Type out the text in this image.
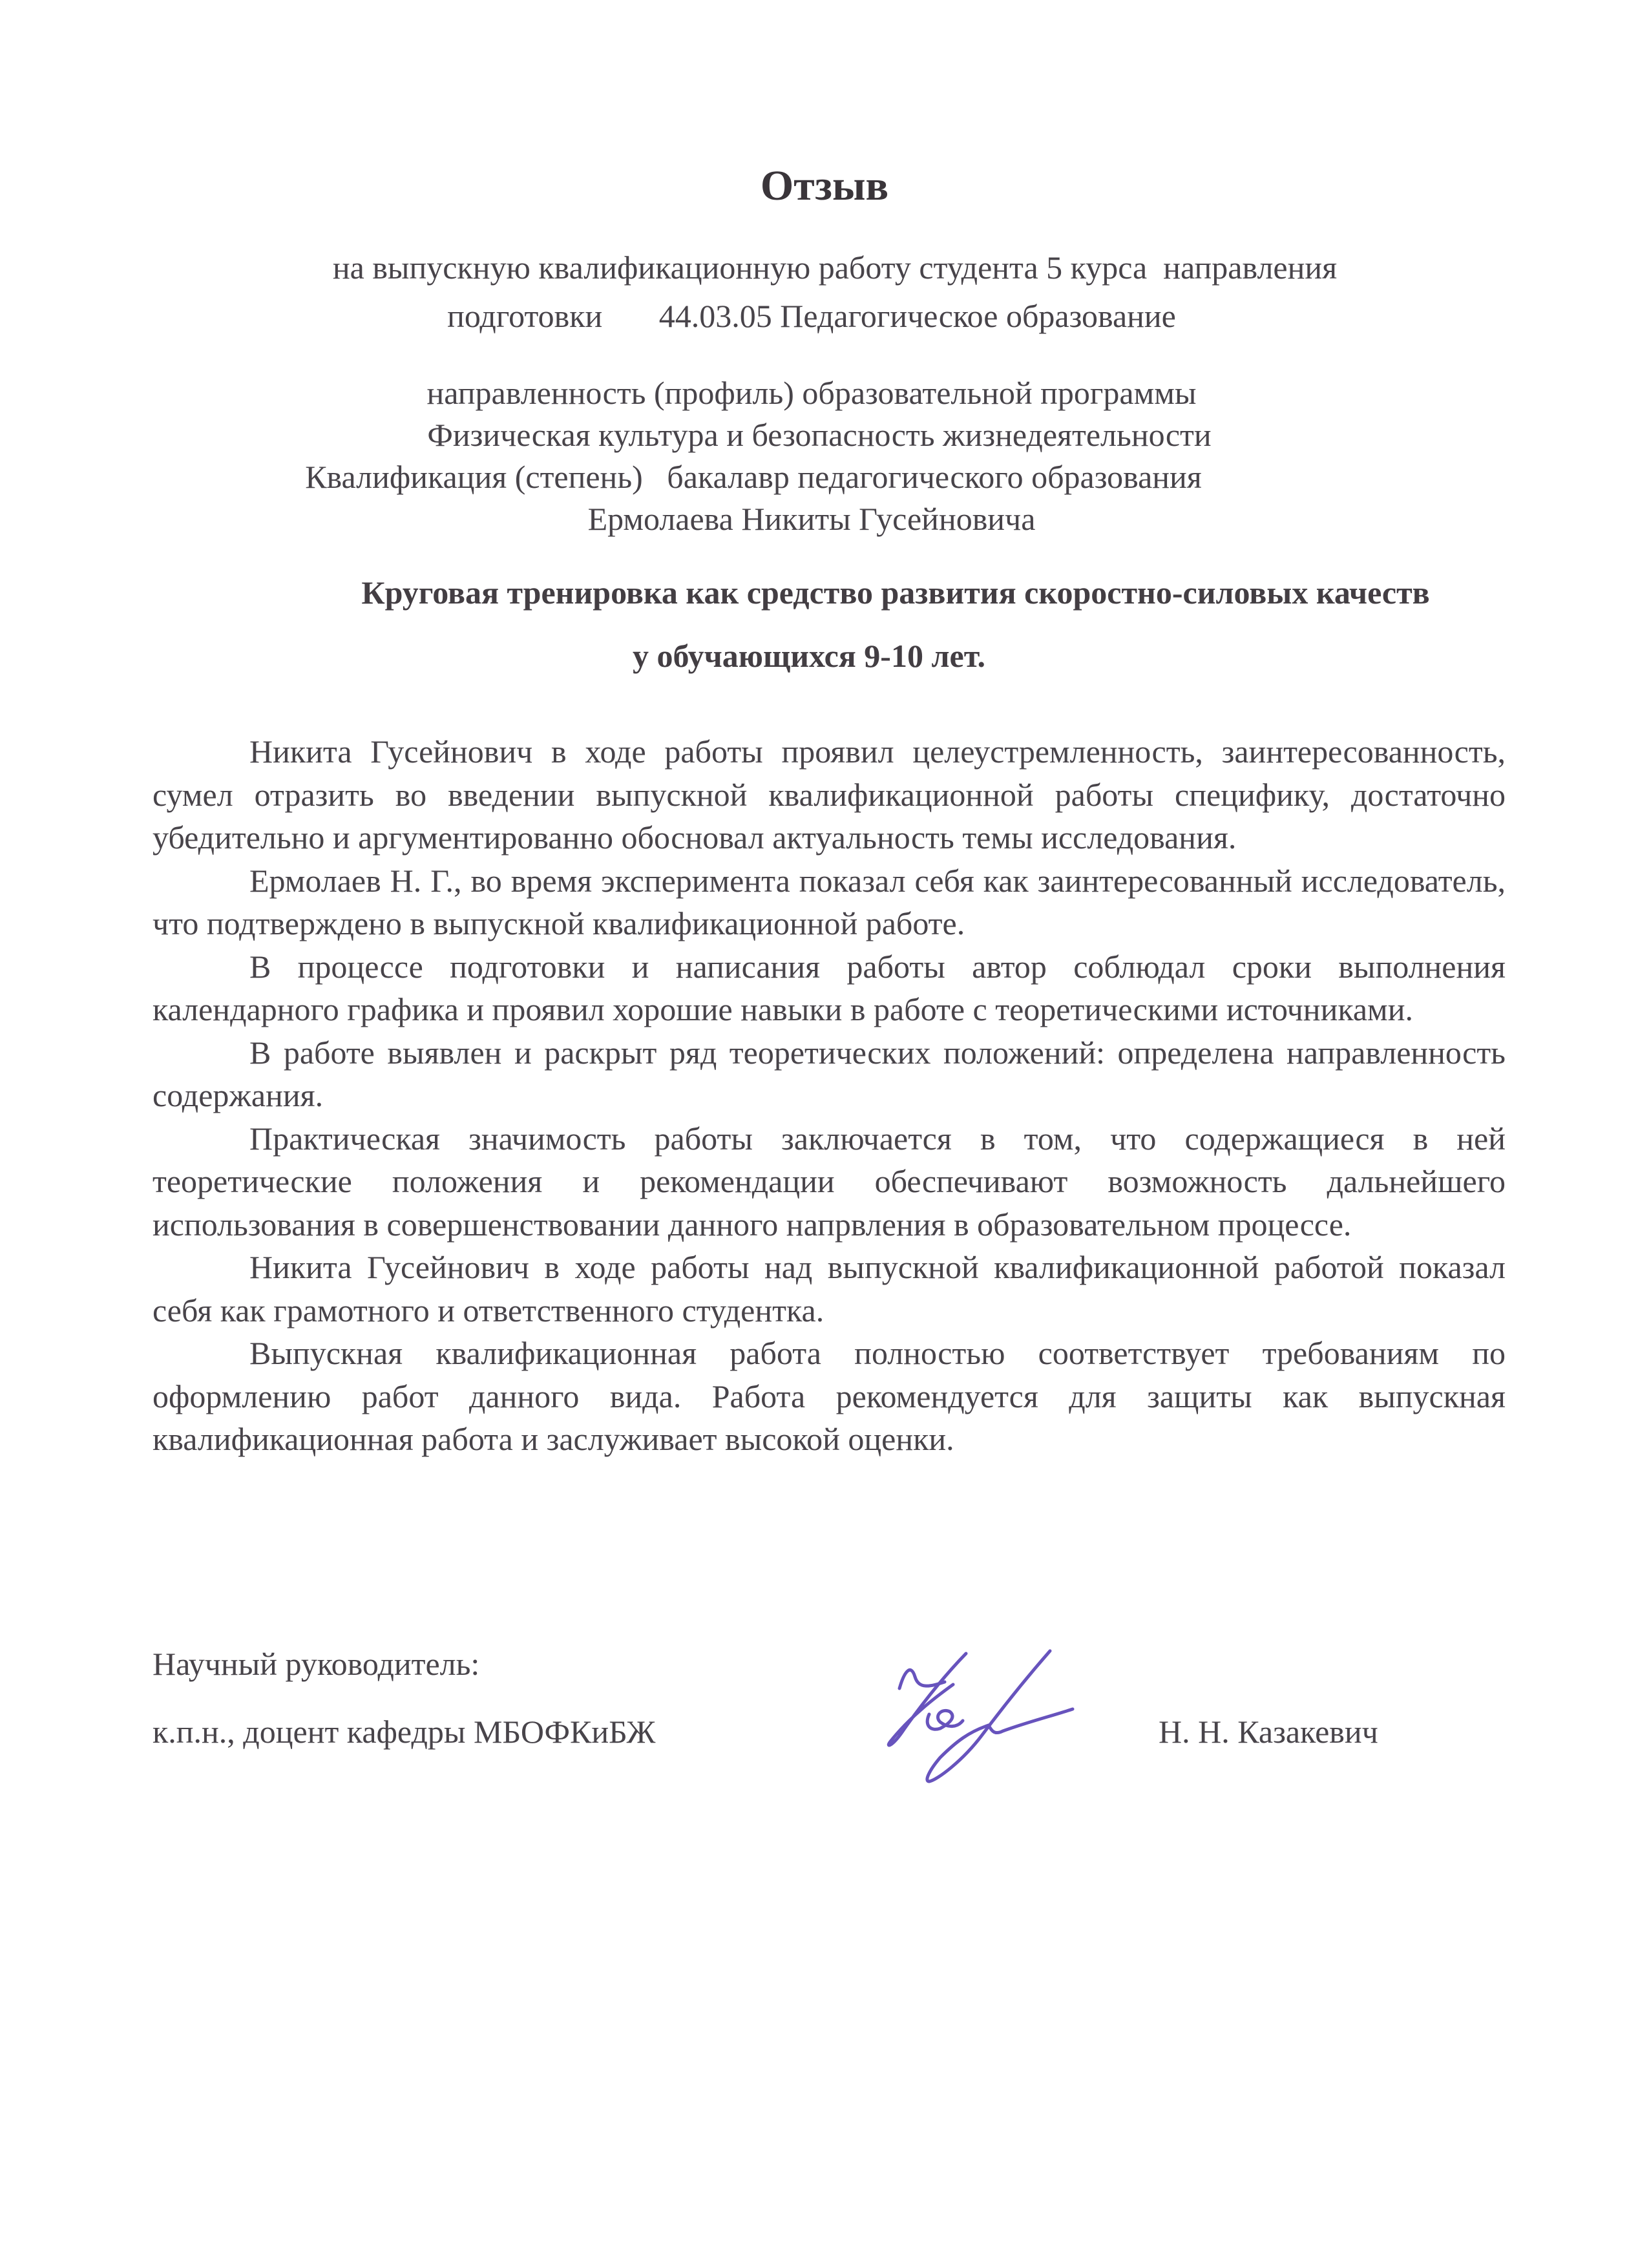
Отзыв
на выпускную квалификационную работу студента 5 курса  направления
подготовки       44.03.05 Педагогическое образование
направленность (профиль) образовательной программы
Физическая культура и безопасность жизнедеятельности
Квалификация (степень)   бакалавр педагогического образования
Ермолаева Никиты Гусейновича
Круговая тренировка как средство развития скоростно-силовых качеств
у обучающихся 9-10 лет.

Никита Гусейнович в ходе работы проявил целеустремленность, заинтересованность, сумел отразить во введении выпускной квалификационной работы специфику, достаточно убедительно и аргументированно обосновал актуальность темы исследования.

Ермолаев Н. Г., во время эксперимента показал себя как заинтересованный исследователь, что подтверждено в выпускной квалификационной работе.

В процессе подготовки и написания работы автор соблюдал сроки выполнения календарного графика и проявил хорошие навыки в работе с теоретическими источниками.

В работе выявлен и раскрыт ряд теоретических положений: определена направленность содержания.

Практическая значимость работы заключается в том, что содержащиеся в ней теоретические положения и рекомендации обеспечивают возможность дальнейшего использования в совершенствовании данного напрвления в образовательном процессе.

Никита Гусейнович в ходе работы над выпускной квалификационной работой показал себя как грамотного и ответственного студентка.

Выпускная квалификационная работа полностью соответствует требованиям по оформлению работ данного вида. Работа рекомендуется для защиты как выпускная квалификационная работа и заслуживает высокой оценки.

Научный руководитель:
к.п.н., доцент кафедры МБОФКиБЖ	Н. Н. Казакевич
